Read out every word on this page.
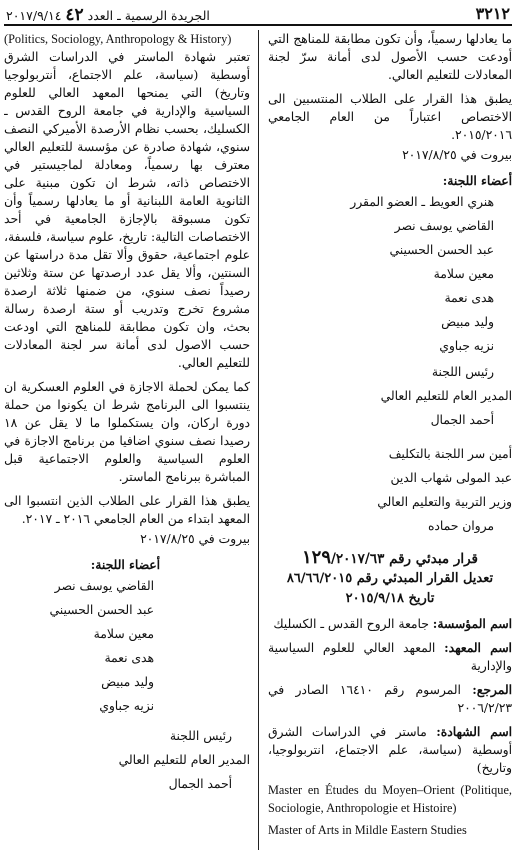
٣٢١٢
الجريدة الرسمية ـ العدد ٤٢ ٢٠١٧/٩/١٤
ما يعادلها رسمياً، وأن تكون مطابقة للمناهج التي أودعت حسب الأصول لدى أمانة سرّ لجنة المعادلات للتعليم العالي.
يطبق هذا القرار على الطلاب المنتسبين الى الاختصاص اعتباراً من العام الجامعي ٢٠١٥/٢٠١٦.
بيروت في ٢٠١٧/٨/٢٥
أعضاء اللجنة:
هنري العويط ـ العضو المقرر
القاضي يوسف نصر
عبد الحسن الحسيني
معين سلامة
هدى نعمة
وليد مبيض
نزيه جباوي
رئيس اللجنة
المدير العام للتعليم العالي
أحمد الجمال
أمين سر اللجنة بالتكليف
عبد المولى شهاب الدين
وزير التربية والتعليم العالي
مروان حماده
قرار مبدئي رقم ١٢٩/٢٠١٧/٦٣
تعديل القرار المبدئي رقم ٨٦/٦٦/٢٠١٥
تاريخ ٢٠١٥/٩/١٨
اسم المؤسسة: جامعة الروح القدس ـ الكسليك
اسم المعهد: المعهد العالي للعلوم السياسية والإدارية
المرجع: المرسوم رقم ١٦٤١٠ الصادر في ٢٠٠٦/٢/٢٣
اسم الشهادة: ماستر في الدراسات الشرق أوسطية (سياسة، علم الاجتماع، انتربولوجيا، وتاريخ)
Master en Études du Moyen–Orient (Politique, Sociologie, Anthropologie et Histoire)
Master of Arts in Mildle Eastern Studies
(Politics, Sociology, Anthropology & History)
تعتبر شهادة الماستر في الدراسات الشرق أوسطية (سياسة، علم الاجتماع، أنتربولوجيا وتاريخ) التي يمنحها المعهد العالي للعلوم السياسية والإدارية في جامعة الروح القدس ـ الكسليك، بحسب نظام الأرصدة الأميركي النصف سنوي، شهادة صادرة عن مؤسسة للتعليم العالي معترف بها رسمياً، ومعادلة لماجيستير في الاختصاص ذاته، شرط ان تكون مبنية على الثانوية العامة اللبنانية أو ما يعادلها رسمياً وأن تكون مسبوقة بالإجازة الجامعية في أحد الاختصاصات التالية: تاريخ، علوم سياسة، فلسفة، علوم اجتماعية، حقوق وألا تقل مدة دراستها عن السنتين، وألا يقل عدد ارصدتها عن ستة وثلاثين رصيداً نصف سنوي، من ضمنها ثلاثة ارصدة مشروع تخرج وتدريب أو ستة ارصدة رسالة بحث، وان تكون مطابقة للمناهج التي اودعت حسب الاصول لدى أمانة سر لجنة المعادلات للتعليم العالي.
كما يمكن لحملة الاجازة في العلوم العسكرية ان ينتسبوا الى البرنامج شرط ان يكونوا من حملة دورة اركان، وان يستكملوا ما لا يقل عن ١٨ رصيدا نصف سنوي اضافيا من برنامج الاجازة في العلوم السياسية والعلوم الاجتماعية قبل المباشرة ببرنامج الماستر.
يطبق هذا القرار على الطلاب الذين انتسبوا الى المعهد ابتداء من العام الجامعي ٢٠١٦ ـ ٢٠١٧.
بيروت في ٢٠١٧/٨/٢٥
أعضاء اللجنة:
القاضي يوسف نصر
عبد الحسن الحسيني
معين سلامة
هدى نعمة
وليد مبيض
نزيه جباوي
رئيس اللجنة
المدير العام للتعليم العالي
أحمد الجمال
